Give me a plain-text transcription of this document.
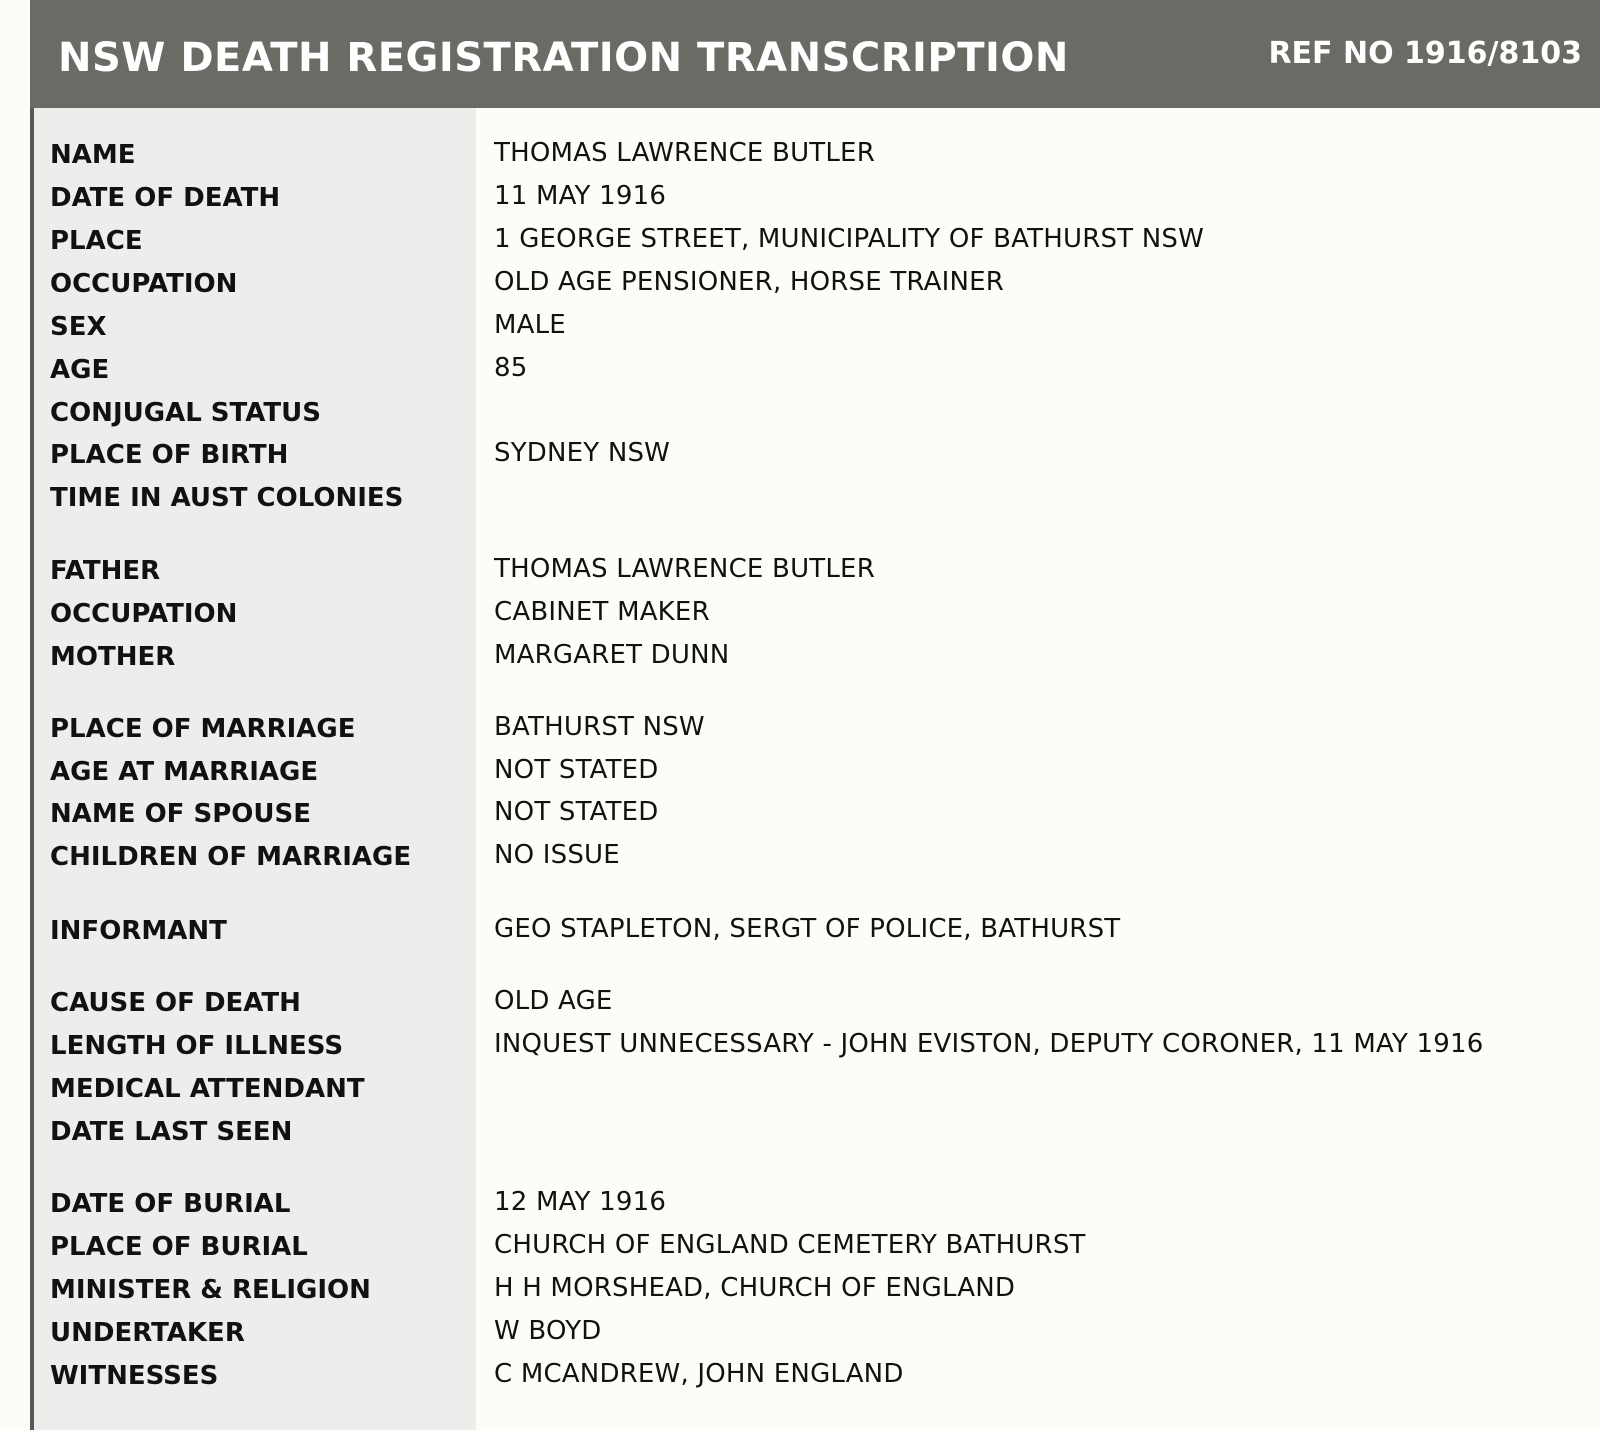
NSW DEATH REGISTRATION TRANSCRIPTION	REF NO 1916/8103
NAME	THOMAS LAWRENCE BUTLER
DATE OF DEATH	11 MAY 1916
PLACE	1 GEORGE STREET, MUNICIPALITY OF BATHURST NSW
OCCUPATION	OLD AGE PENSIONER, HORSE TRAINER
SEX	MALE
AGE	85
CONJUGAL STATUS
PLACE OF BIRTH	SYDNEY NSW
TIME IN AUST COLONIES
FATHER	THOMAS LAWRENCE BUTLER
OCCUPATION	CABINET MAKER
MOTHER	MARGARET DUNN
PLACE OF MARRIAGE	BATHURST NSW
AGE AT MARRIAGE	NOT STATED
NAME OF SPOUSE	NOT STATED
CHILDREN OF MARRIAGE	NO ISSUE
INFORMANT	GEO STAPLETON, SERGT OF POLICE, BATHURST
CAUSE OF DEATH	OLD AGE
LENGTH OF ILLNESS	INQUEST UNNECESSARY - JOHN EVISTON, DEPUTY CORONER, 11 MAY 1916
MEDICAL ATTENDANT
DATE LAST SEEN
DATE OF BURIAL	12 MAY 1916
PLACE OF BURIAL	CHURCH OF ENGLAND CEMETERY BATHURST
MINISTER & RELIGION	H H MORSHEAD, CHURCH OF ENGLAND
UNDERTAKER	W BOYD
WITNESSES	C MCANDREW, JOHN ENGLAND
